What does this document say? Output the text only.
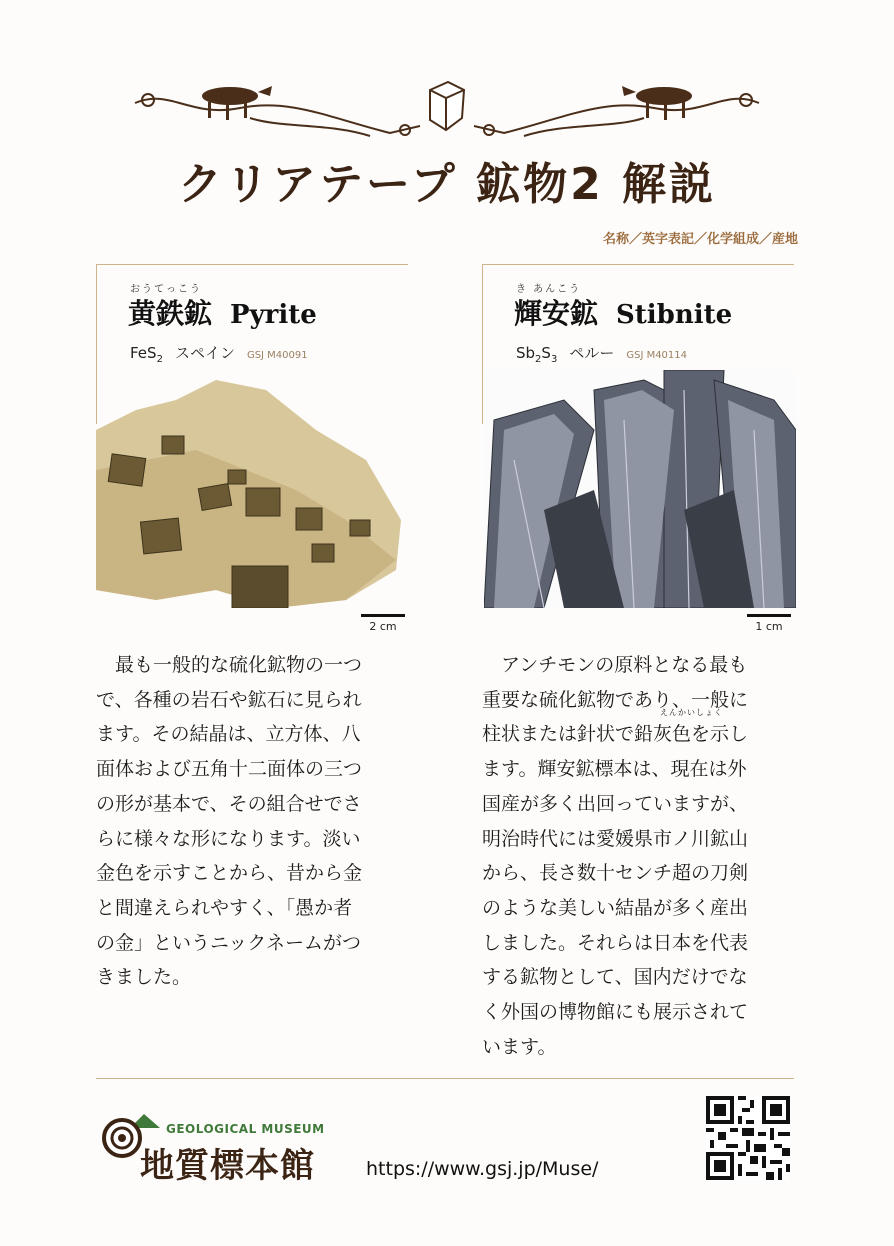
クリアテープ 鉱物2 解説
名称／英字表記／化学組成／産地
おうてっこう
黄鉄鉱 Pyrite
FeS$_2$ スペイン GSJ M40091
2 cm
き あんこう
輝安鉱 Stibnite
$Sb_2S_3$ ペルー GSJ M40114
1 cm
　最も一般的な硫化鉱物の一つ
で、各種の岩石や鉱石に見られ
ます。その結晶は、立方体、八
面体および五角十二面体の三つ
の形が基本で、その組合せでさ
らに様々な形になります。淡い
金色を示すことから、昔から金
と間違えられやすく、「愚か者
の金」というニックネームがつ
きました。
　アンチモンの原料となる最も
重要な硫化鉱物であり、一般に
えんかいしょく
柱状または針状で鉛灰色を示し
ます。輝安鉱標本は、現在は外
国産が多く出回っていますが、
明治時代には愛媛県市ノ川鉱山
から、長さ数十センチ超の刀剣
のような美しい結晶が多く産出
しました。それらは日本を代表
する鉱物として、国内だけでな
く外国の博物館にも展示されて
います。
GEOLOGICAL MUSEUM
地質標本館	https://www.gsj.jp/Muse/
